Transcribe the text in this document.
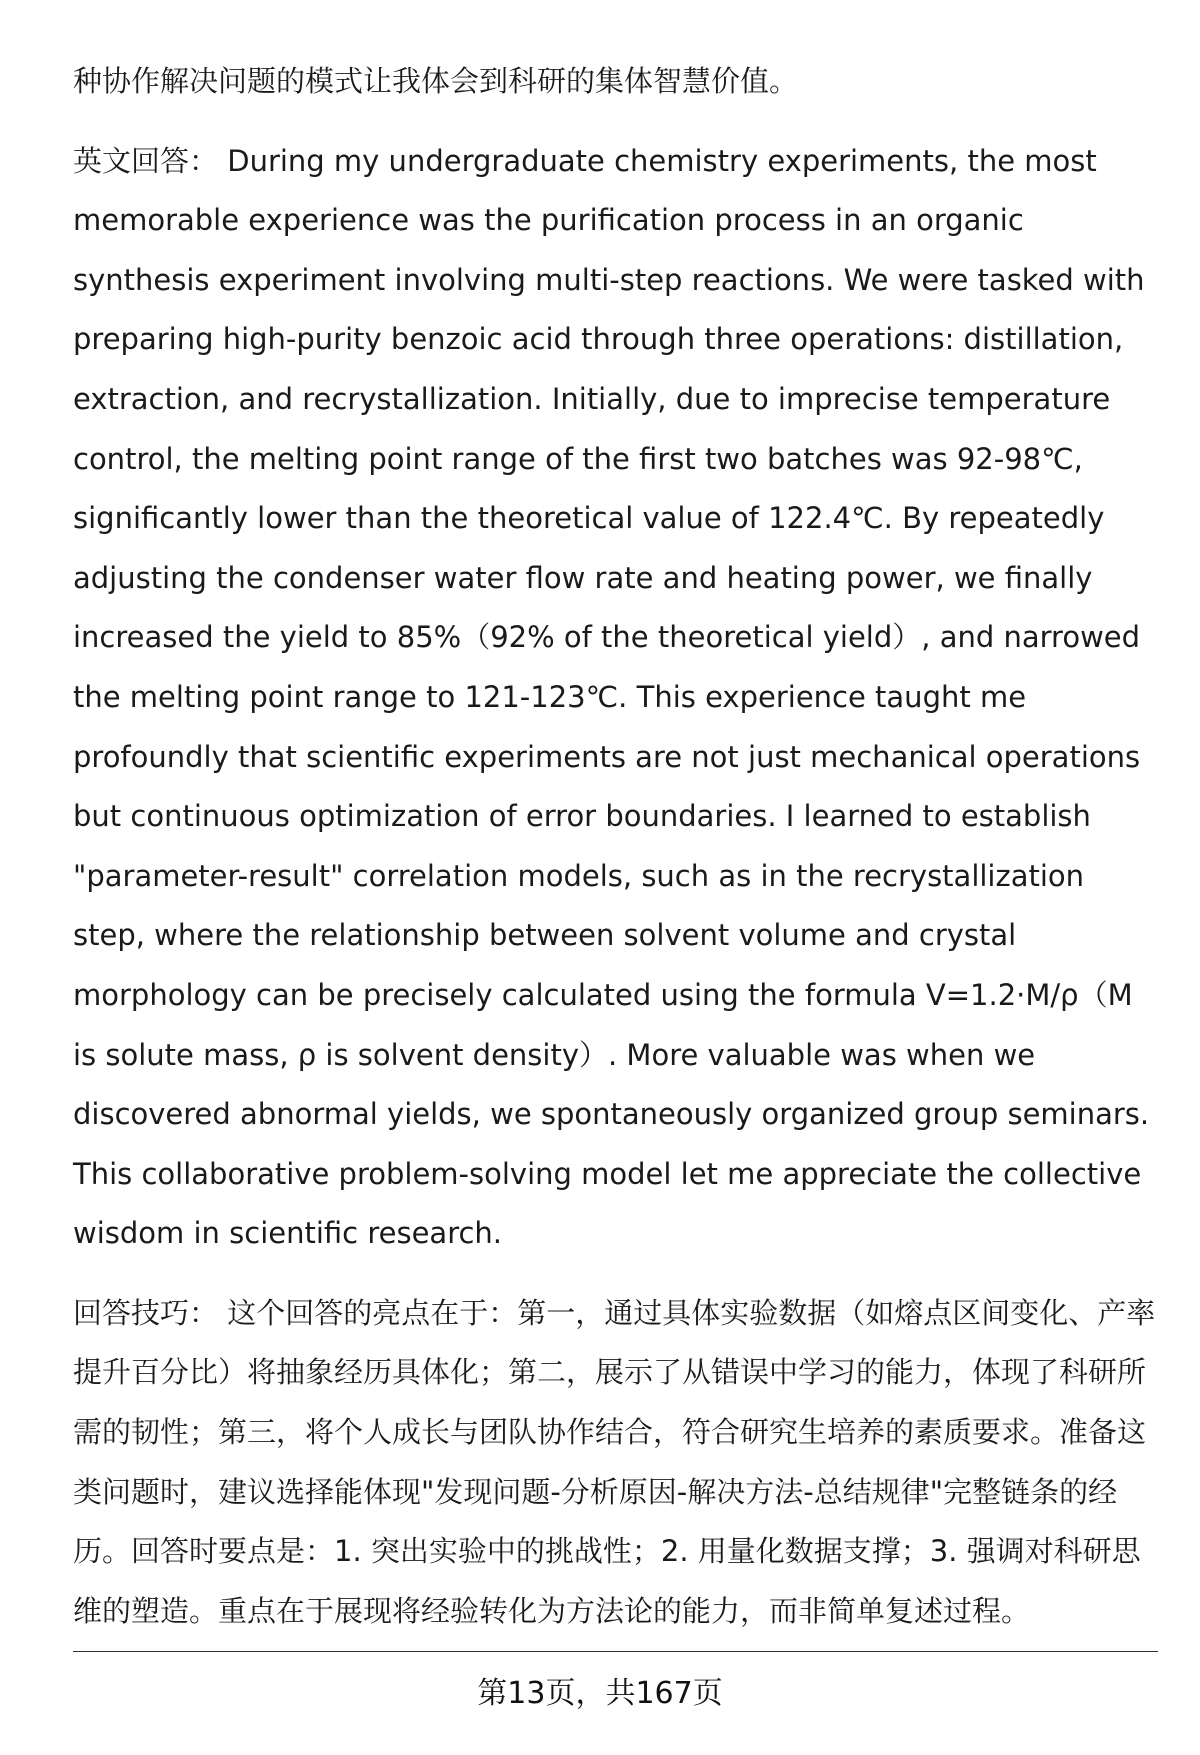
​

种协作解决问题的模式让我体会到科研的集体智慧价值。

英文回答： During my undergraduate chemistry experiments, the most memorable experience was the purification process in an organic synthesis experiment involving multi-step reactions. We were tasked with preparing high-purity benzoic acid through three operations: distillation, extraction, and recrystallization. Initially, due to imprecise temperature control, the melting point range of the first two batches was 92-98℃, significantly lower than the theoretical value of 122.4℃. By repeatedly adjusting the condenser water flow rate and heating power, we finally increased the yield to 85%（92% of the theoretical yield）, and narrowed the melting point range to 121-123℃. This experience taught me profoundly that scientific experiments are not just mechanical operations but continuous optimization of error boundaries. I learned to establish "parameter-result" correlation models, such as in the recrystallization step, where the relationship between solvent volume and crystal morphology can be precisely calculated using the formula V=1.2·M/ρ（M is solute mass, ρ is solvent density）. More valuable was when we discovered abnormal yields, we spontaneously organized group seminars. This collaborative problem-solving model let me appreciate the collective wisdom in scientific research.

回答技巧： 这个回答的亮点在于：第一，通过具体实验数据（如熔点区间变化、产率提升百分比）将抽象经历具体化；第二，展示了从错误中学习的能力，体现了科研所需的韧性；第三，将个人成长与团队协作结合，符合研究生培养的素质要求。准备这类问题时，建议选择能体现"发现问题-分析原因-解决方法-总结规律"完整链条的经历。回答时要点是：1. 突出实验中的挑战性；2. 用量化数据支撑；3. 强调对科研思维的塑造。重点在于展现将经验转化为方法论的能力，而非简单复述过程。

第13页，共167页
